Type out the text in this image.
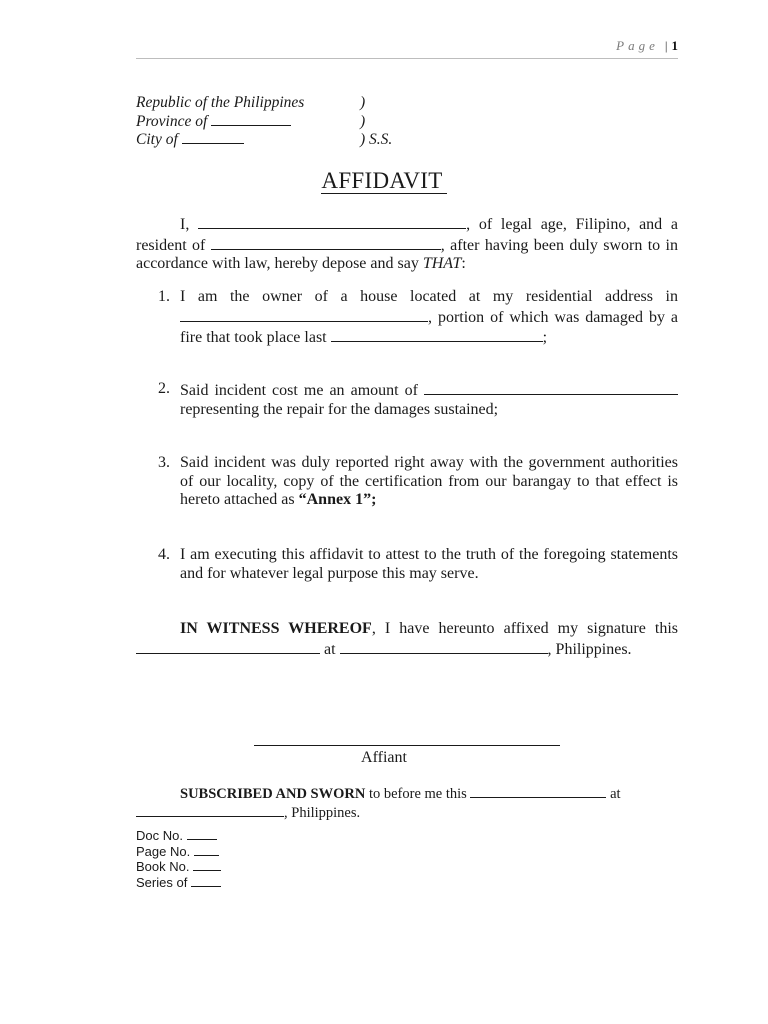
Page | 1
Republic of the Philippines	)
Province of	)
City of	) S.S.
AFFIDAVIT
I,	, of legal age, Filipino, and a resident of	, after having been duly sworn to in accordance with law, hereby depose and say THAT:
1. I am the owner of a house located at my residential address in , portion of which was damaged by a fire that took place last	;
2. Said incident cost me an amount of  representing the repair for the damages sustained;
3. Said incident was duly reported right away with the government authorities of our locality, copy of the certification from our barangay to that effect is hereto attached as “Annex 1”;
4. I am executing this affidavit to attest to the truth of the foregoing statements and for whatever legal purpose this may serve.
IN WITNESS WHEREOF, I have hereunto affixed my signature this  at	, Philippines.
Affiant
SUBSCRIBED AND SWORN to before me this	at
, Philippines.
Doc No.
Page No.
Book No.
Series of
